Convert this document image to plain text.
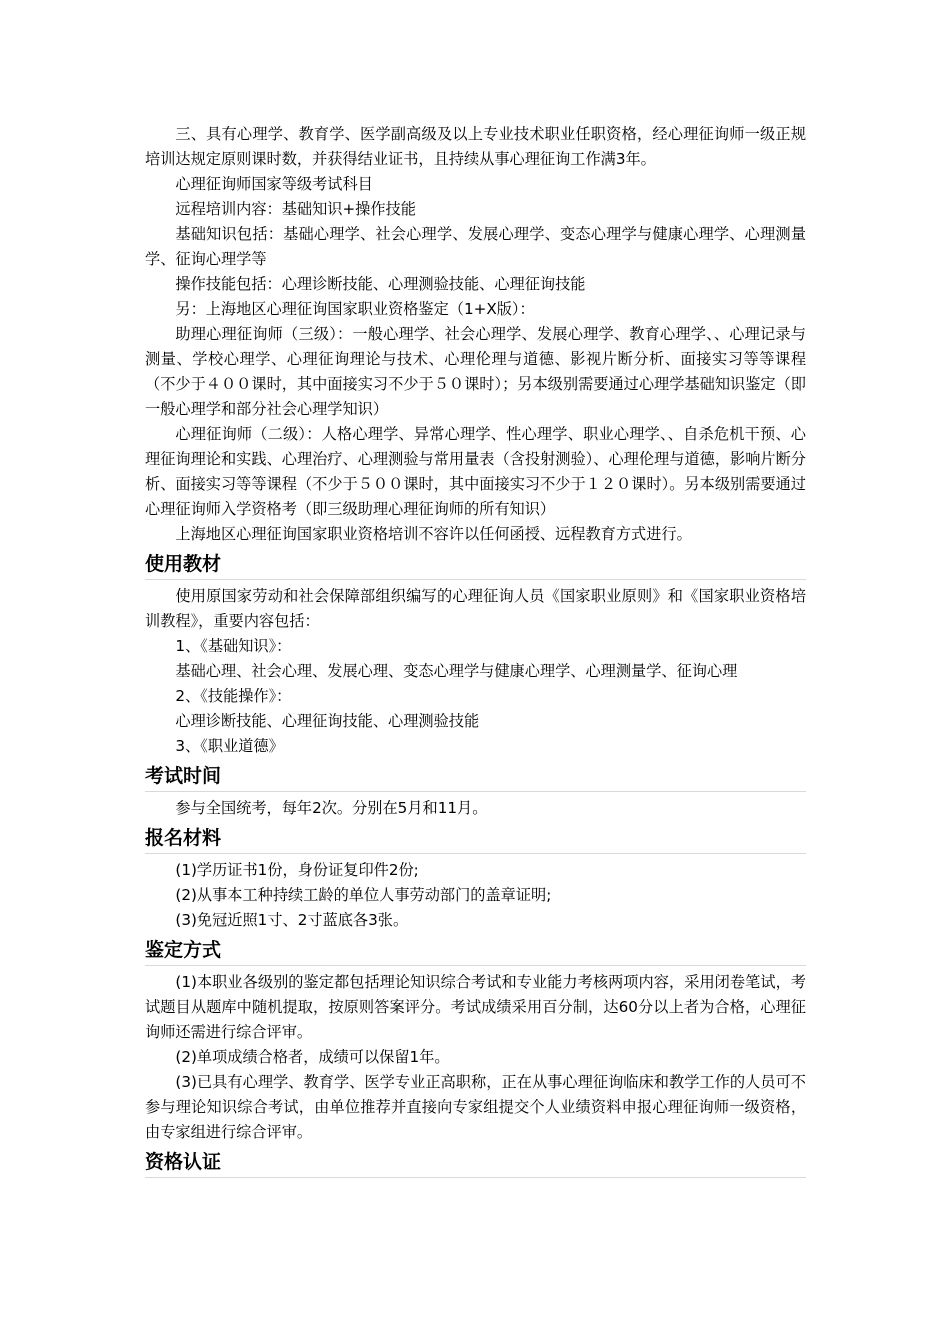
三、具有心理学、教育学、医学副高级及以上专业技术职业任职资格，经心理征询师一级正规培训达规定原则课时数，并获得结业证书，且持续从事心理征询工作满3年。

心理征询师国家等级考试科目

远程培训内容：基础知识+操作技能

基础知识包括：基础心理学、社会心理学、发展心理学、变态心理学与健康心理学、心理测量学、征询心理学等

操作技能包括：心理诊断技能、心理测验技能、心理征询技能

另：上海地区心理征询国家职业资格鉴定（1+X版）：

助理心理征询师（三级）：一般心理学、社会心理学、发展心理学、教育心理学、、心理记录与测量、学校心理学、心理征询理论与技术、心理伦理与道德、影视片断分析、面接实习等等课程（不少于４００课时，其中面接实习不少于５０课时）；另本级别需要通过心理学基础知识鉴定（即一般心理学和部分社会心理学知识）

心理征询师（二级）：人格心理学、异常心理学、性心理学、职业心理学、、自杀危机干预、心理征询理论和实践、心理治疗、心理测验与常用量表（含投射测验）、心理伦理与道德，影响片断分析、面接实习等等课程（不少于５００课时，其中面接实习不少于１２０课时）。另本级别需要通过心理征询师入学资格考（即三级助理心理征询师的所有知识）

上海地区心理征询国家职业资格培训不容许以任何函授、远程教育方式进行。

使用教材

使用原国家劳动和社会保障部组织编写的心理征询人员《国家职业原则》和《国家职业资格培训教程》，重要内容包括：

1、《基础知识》：

基础心理、社会心理、发展心理、变态心理学与健康心理学、心理测量学、征询心理

2、《技能操作》：

心理诊断技能、心理征询技能、心理测验技能

3、《职业道德》

考试时间

参与全国统考，每年2次。分别在5月和11月。

报名材料

(1)学历证书1份，身份证复印件2份;

(2)从事本工种持续工龄的单位人事劳动部门的盖章证明;

(3)免冠近照1寸、2寸蓝底各3张。

鉴定方式

(1)本职业各级别的鉴定都包括理论知识综合考试和专业能力考核两项内容，采用闭卷笔试，考试题目从题库中随机提取，按原则答案评分。考试成绩采用百分制，达60分以上者为合格，心理征询师还需进行综合评审。

(2)单项成绩合格者，成绩可以保留1年。

(3)已具有心理学、教育学、医学专业正高职称，正在从事心理征询临床和教学工作的人员可不参与理论知识综合考试，由单位推荐并直接向专家组提交个人业绩资料申报心理征询师一级资格，由专家组进行综合评审。

资格认证
